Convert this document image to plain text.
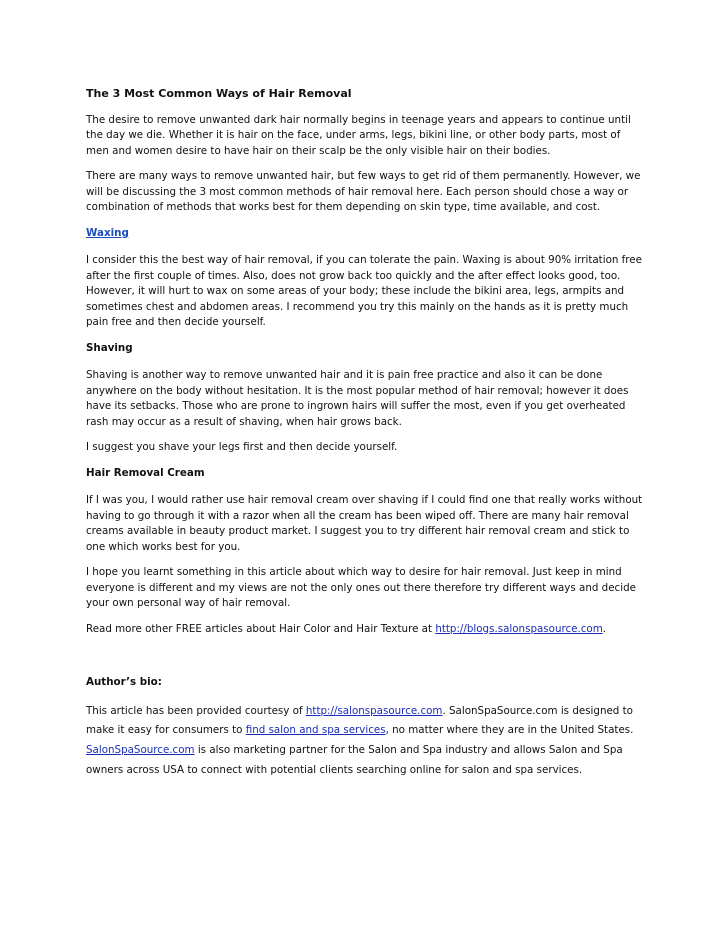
The 3 Most Common Ways of Hair Removal

The desire to remove unwanted dark hair normally begins in teenage years and appears to continue until the day we die. Whether it is hair on the face, under arms, legs, bikini line, or other body parts, most of men and women desire to have hair on their scalp be the only visible hair on their bodies.

There are many ways to remove unwanted hair, but few ways to get rid of them permanently. However, we will be discussing the 3 most common methods of hair removal here. Each person should chose a way or combination of methods that works best for them depending on skin type, time available, and cost.

Waxing

I consider this the best way of hair removal, if you can tolerate the pain. Waxing is about 90% irritation free after the first couple of times. Also, does not grow back too quickly and the after effect looks good, too. However, it will hurt to wax on some areas of your body; these include the bikini area, legs, armpits and sometimes chest and abdomen areas. I recommend you try this mainly on the hands as it is pretty much pain free and then decide yourself.

Shaving

Shaving is another way to remove unwanted hair and it is pain free practice and also it can be done anywhere on the body without hesitation. It is the most popular method of hair removal; however it does have its setbacks. Those who are prone to ingrown hairs will suffer the most, even if you get overheated rash may occur as a result of shaving, when hair grows back.

I suggest you shave your legs first and then decide yourself.

Hair Removal Cream

If I was you, I would rather use hair removal cream over shaving if I could find one that really works without having to go through it with a razor when all the cream has been wiped off. There are many hair removal creams available in beauty product market. I suggest you to try different hair removal cream and stick to one which works best for you.

I hope you learnt something in this article about which way to desire for hair removal. Just keep in mind everyone is different and my views are not the only ones out there therefore try different ways and decide your own personal way of hair removal.

Read more other FREE articles about Hair Color and Hair Texture at http://blogs.salonspasource.com.

Author’s bio:

This article has been provided courtesy of http://salonspasource.com. SalonSpaSource.com is designed to make it easy for consumers to find salon and spa services, no matter where they are in the United States. SalonSpaSource.com is also marketing partner for the Salon and Spa industry and allows Salon and Spa owners across USA to connect with potential clients searching online for salon and spa services.
